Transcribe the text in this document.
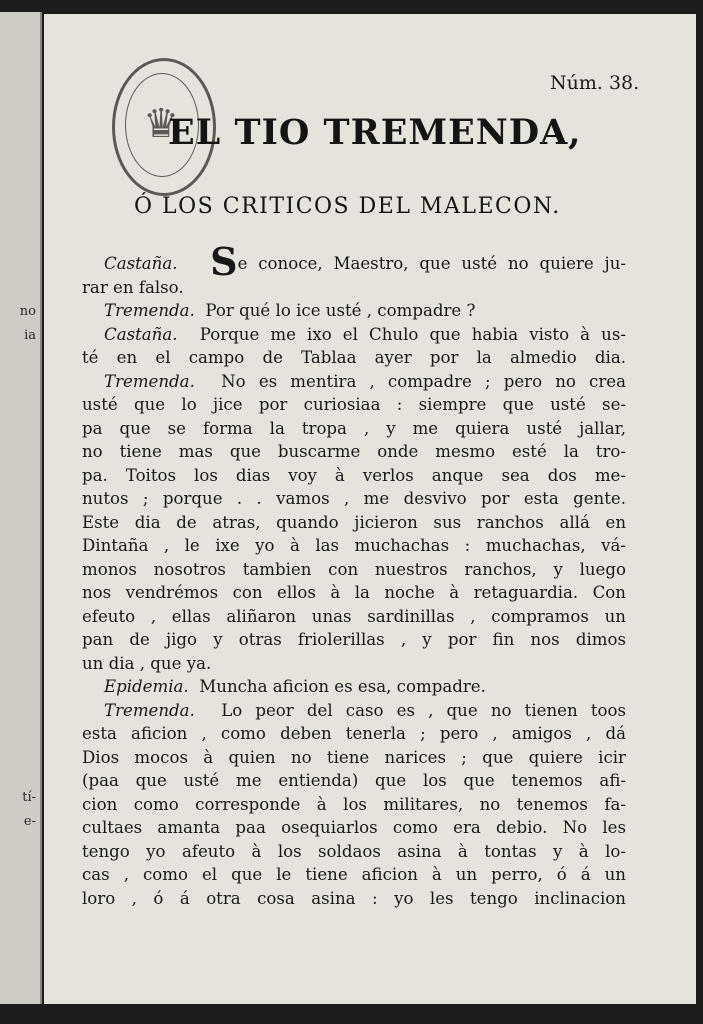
no
ia
tí-
e-
♛
Núm. 38.
EL TIO TREMENDA,
Ó LOS CRITICOS DEL MALECON.
Castaña. Se conoce, Maestro, que usté no quiere ju-
rar en falso.
Tremenda. Por qué lo ice usté , compadre ?
Castaña. Porque me ixo el Chulo que habia visto à us-
té en el campo de Tablaa ayer por la almedio dia.
Tremenda. No es mentira , compadre ; pero no crea
usté que lo jice por curiosiaa : siempre que usté se-
pa que se forma la tropa , y me quiera usté jallar,
no tiene mas que buscarme onde mesmo esté la tro-
pa. Toitos los dias voy à verlos anque sea dos me-
nutos ; porque . . vamos , me desvivo por esta gente.
Este dia de atras, quando jicieron sus ranchos allá en
Dintaña , le ixe yo à las muchachas : muchachas, vá-
monos nosotros tambien con nuestros ranchos, y luego
nos vendrémos con ellos à la noche à retaguardia. Con
efeuto , ellas aliñaron unas sardinillas , compramos un
pan de jigo y otras friolerillas , y por fin nos dimos
un dia , que ya.
Epidemia. Muncha aficion es esa, compadre.
Tremenda. Lo peor del caso es , que no tienen toos
esta aficion , como deben tenerla ; pero , amigos , dá
Dios mocos à quien no tiene narices ; que quiere icir
(paa que usté me entienda) que los que tenemos afi-
cion como corresponde à los militares, no tenemos fa-
cultaes amanta paa osequiarlos como era debio. No les
tengo yo afeuto à los soldaos asina à tontas y à lo-
cas , como el que le tiene aficion à un perro, ó á un
loro , ó á otra cosa asina : yo les tengo inclinacion
